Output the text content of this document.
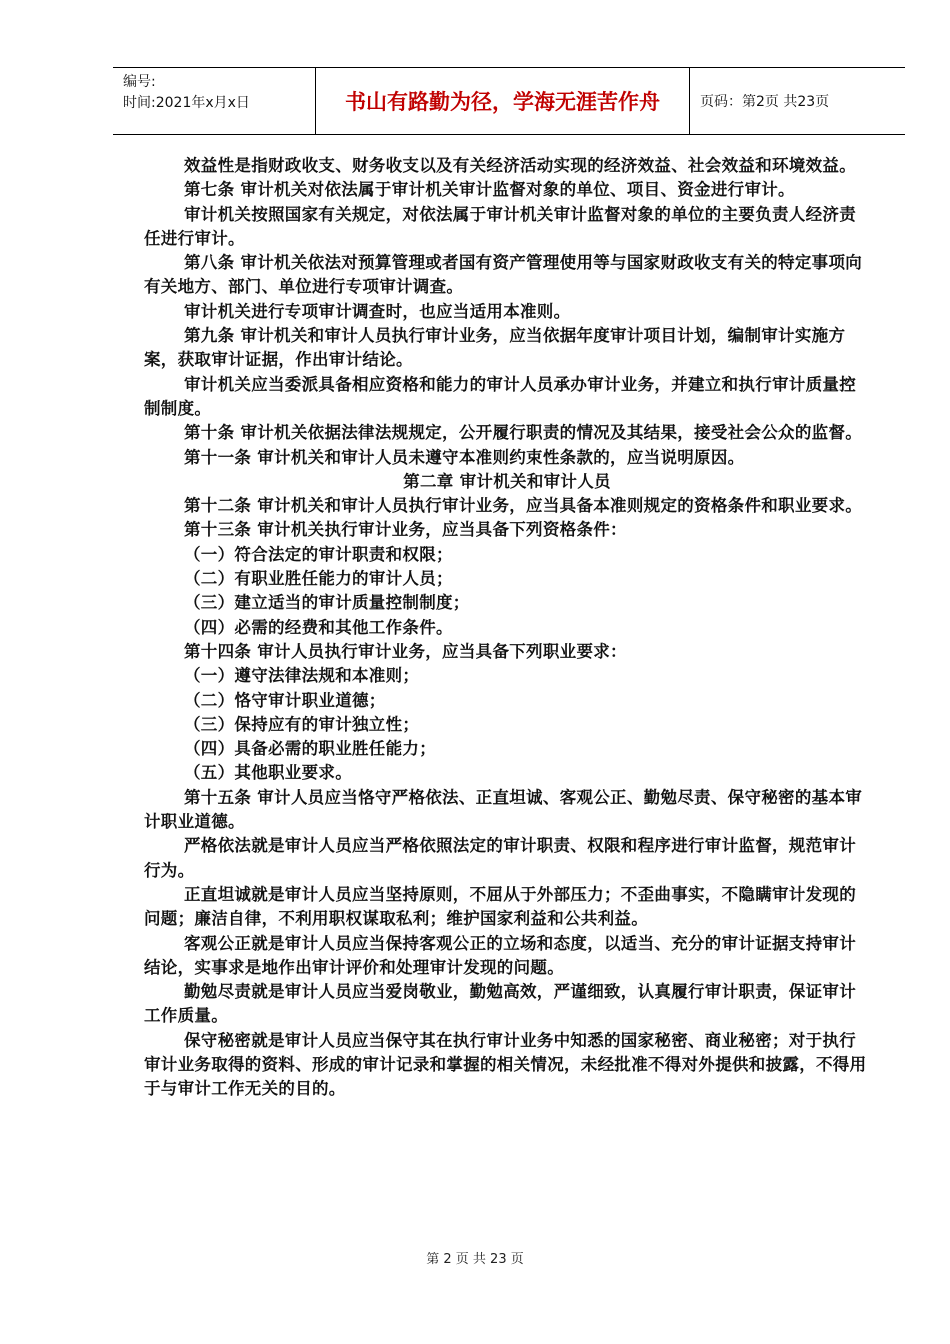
编号:
时间:2021年x月x日	书山有路勤为径，学海无涯苦作舟	页码：第2页 共23页

效益性是指财政收支、财务收支以及有关经济活动实现的经济效益、社会效益和环境效益。

第七条 审计机关对依法属于审计机关审计监督对象的单位、项目、资金进行审计。

审计机关按照国家有关规定，对依法属于审计机关审计监督对象的单位的主要负责人经济责任进行审计。

第八条 审计机关依法对预算管理或者国有资产管理使用等与国家财政收支有关的特定事项向有关地方、部门、单位进行专项审计调查。

审计机关进行专项审计调查时，也应当适用本准则。

第九条 审计机关和审计人员执行审计业务，应当依据年度审计项目计划，编制审计实施方案，获取审计证据，作出审计结论。

审计机关应当委派具备相应资格和能力的审计人员承办审计业务，并建立和执行审计质量控制制度。

第十条 审计机关依据法律法规规定，公开履行职责的情况及其结果，接受社会公众的监督。

第十一条 审计机关和审计人员未遵守本准则约束性条款的，应当说明原因。

第二章 审计机关和审计人员

第十二条 审计机关和审计人员执行审计业务，应当具备本准则规定的资格条件和职业要求。

第十三条 审计机关执行审计业务，应当具备下列资格条件：

（一）符合法定的审计职责和权限；

（二）有职业胜任能力的审计人员；

（三）建立适当的审计质量控制制度；

（四）必需的经费和其他工作条件。

第十四条 审计人员执行审计业务，应当具备下列职业要求：

（一）遵守法律法规和本准则；

（二）恪守审计职业道德；

（三）保持应有的审计独立性；

（四）具备必需的职业胜任能力；

（五）其他职业要求。

第十五条 审计人员应当恪守严格依法、正直坦诚、客观公正、勤勉尽责、保守秘密的基本审计职业道德。

严格依法就是审计人员应当严格依照法定的审计职责、权限和程序进行审计监督，规范审计行为。

正直坦诚就是审计人员应当坚持原则，不屈从于外部压力；不歪曲事实，不隐瞒审计发现的问题；廉洁自律，不利用职权谋取私利；维护国家利益和公共利益。

客观公正就是审计人员应当保持客观公正的立场和态度，以适当、充分的审计证据支持审计结论，实事求是地作出审计评价和处理审计发现的问题。

勤勉尽责就是审计人员应当爱岗敬业，勤勉高效，严谨细致，认真履行审计职责，保证审计工作质量。

保守秘密就是审计人员应当保守其在执行审计业务中知悉的国家秘密、商业秘密；对于执行审计业务取得的资料、形成的审计记录和掌握的相关情况，未经批准不得对外提供和披露，不得用于与审计工作无关的目的。

第 2 页 共 23 页
